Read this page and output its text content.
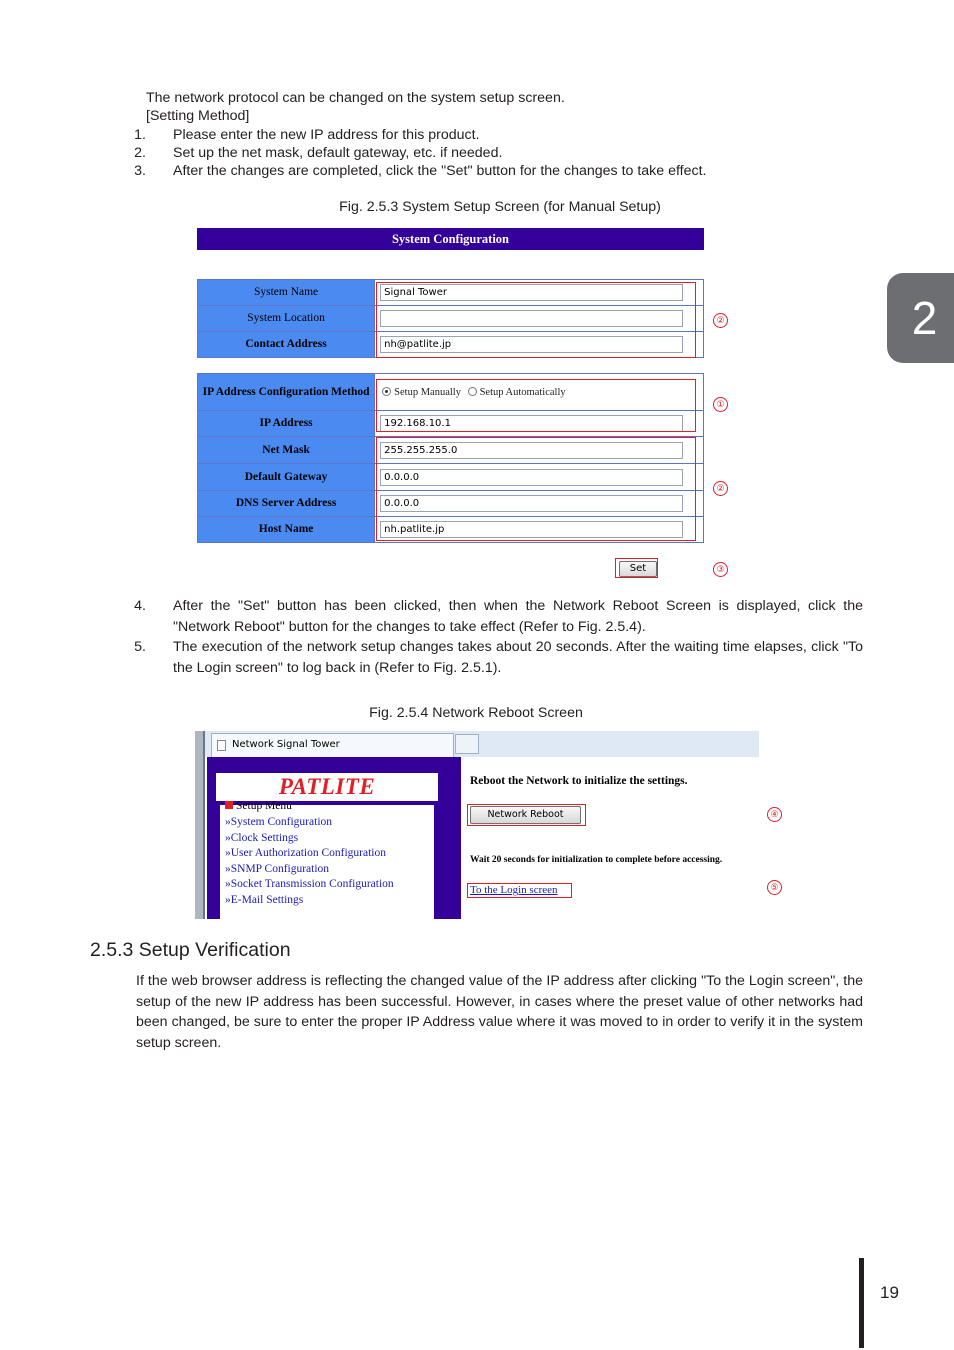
2
The network protocol can be changed on the system setup screen.
[Setting Method]
1. Please enter the new IP address for this product.
2. Set up the net mask, default gateway, etc. if needed.
3. After the changes are completed, click the "Set" button for the changes to take effect.
Fig. 2.5.3 System Setup Screen (for Manual Setup)
System Configuration
System Name	Signal Tower

System Location	

Contact Address	nh@patlite.jp
IP Address Configuration Method	Setup Manually Setup Automatically
IP Address	192.168.10.1

Net Mask	255.255.255.0

Default Gateway	0.0.0.0

DNS Server Address	0.0.0.0

Host Name	nh.patlite.jp
②
①
②
③
Set
4. After the "Set" button has been clicked, then when the Network Reboot Screen is displayed, click the "Network Reboot" button for the changes to take effect (Refer to Fig. 2.5.4).
5. The execution of the network setup changes takes about 20 seconds. After the waiting time elapses, click "To the Login screen" to log back in (Refer to Fig. 2.5.1).
Fig. 2.5.4 Network Reboot Screen
Network Signal Tower
PATLITE
Setup Menu
»System Configuration
»Clock Settings
»User Authorization Configuration
»SNMP Configuration
»Socket Transmission Configuration
»E-Mail Settings
Reboot the Network to initialize the settings.
Network Reboot
Wait 20 seconds for initialization to complete before accessing.
To the Login screen
④
⑤
2.5.3 Setup Verification
If the web browser address is reflecting the changed value of the IP address after clicking "To the Login screen", the setup of the new IP address has been successful. However, in cases where the preset value of other networks had been changed, be sure to enter the proper IP Address value where it was moved to in order to verify it in the system setup screen.
19
